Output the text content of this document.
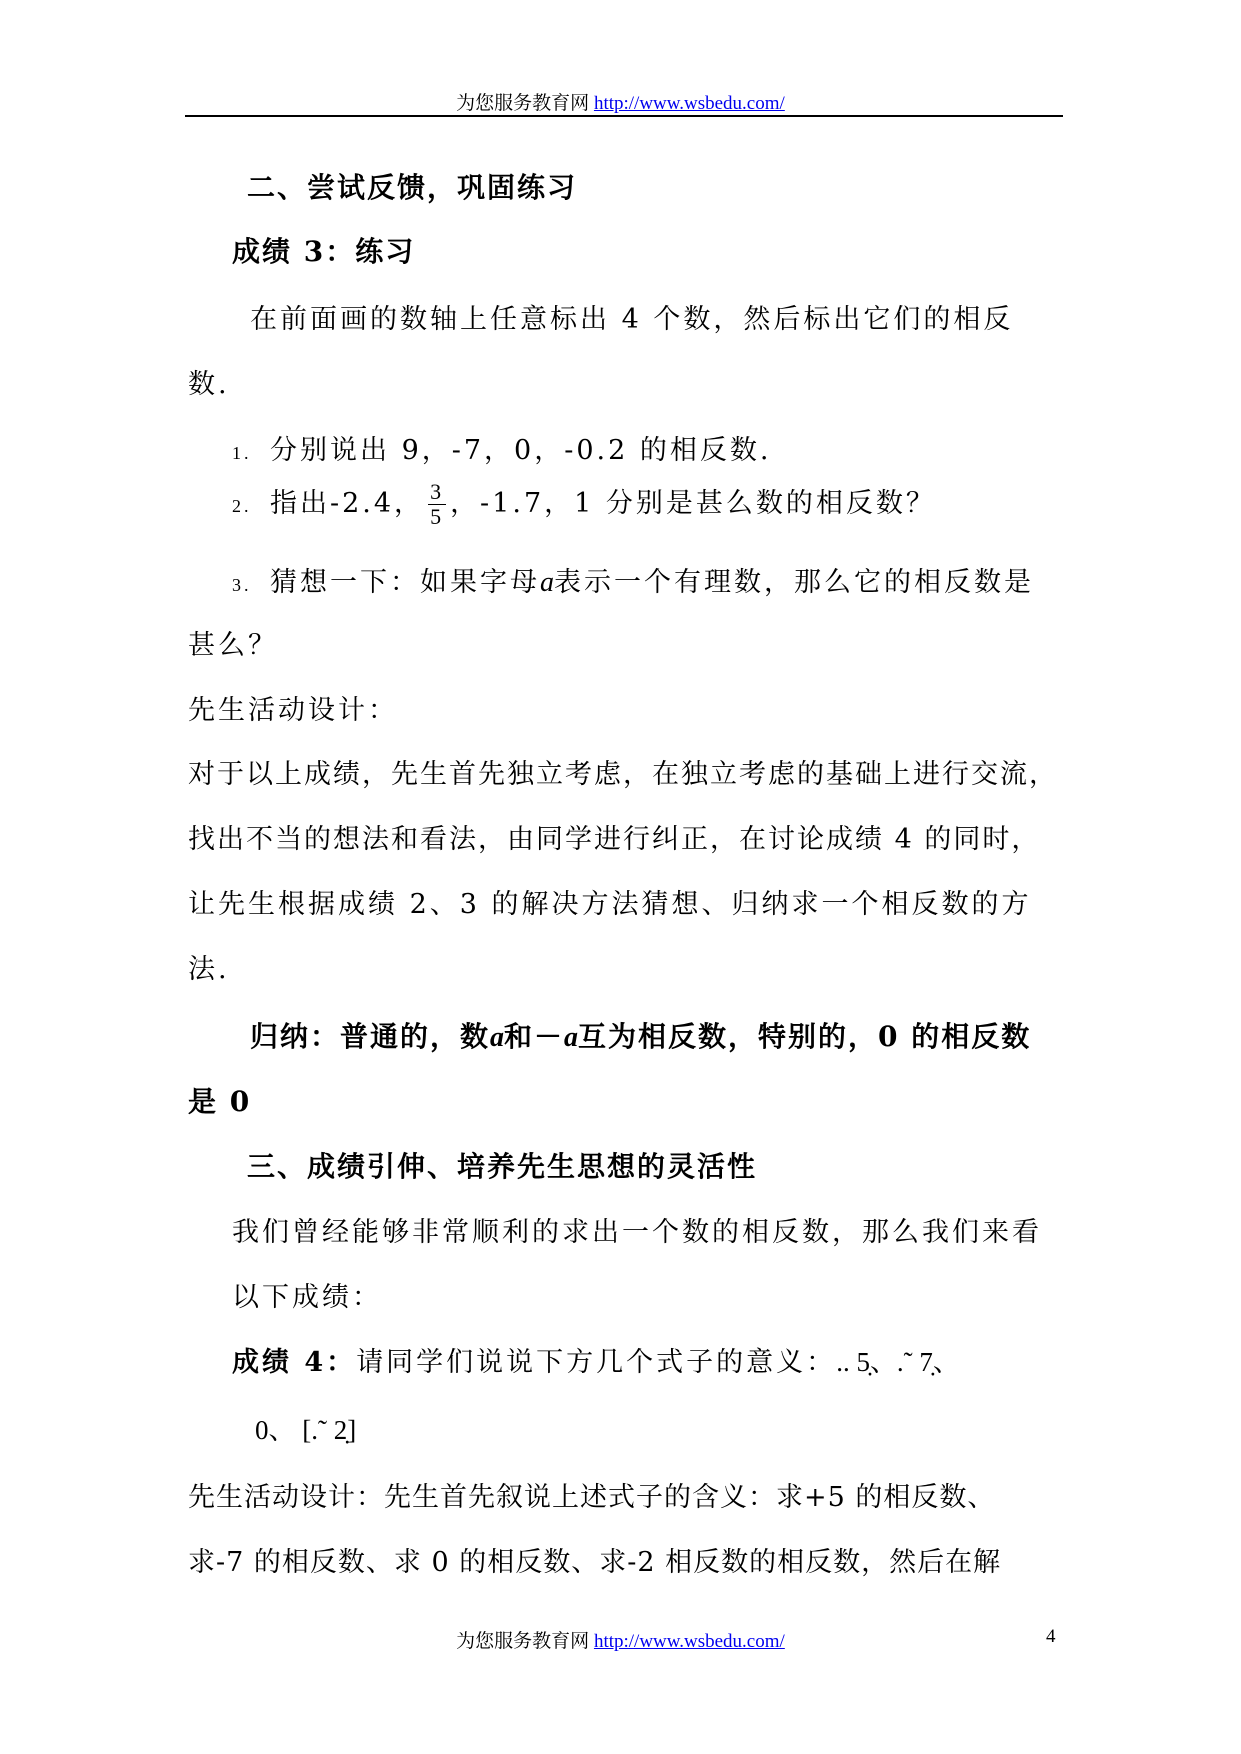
为您服务教育网 http://www.wsbedu.com/
二、尝试反馈，巩固练习
成绩 3：练习
在前面画的数轴上任意标出 4 个数，然后标出它们的相反
数.
1. 分别说出 9，-7，0，-0.2 的相反数.
2. 指出-2.4， $\frac{3}{5}$ ，-1.7，1 分别是甚么数的相反数？
3. 猜想一下：如果字母a表示一个有理数，那么它的相反数是
甚么？
先生活动设计：
对于以上成绩，先生首先独立考虑，在独立考虑的基础上进行交流，
找出不当的想法和看法，由同学进行纠正，在讨论成绩 4 的同时，
让先生根据成绩 2、3 的解决方法猜想、归纳求一个相反数的方
法.
归纳：普通的，数a和－a互为相反数，特别的，0 的相反数
是 0
三、成绩引伸、培养先生思想的灵活性
我们曾经能够非常顺利的求出一个数的相反数，那么我们来看
以下成绩：
成绩 4：请同学们说说下方几个式子的意义：.. 5̣、.˜ 7̣、
0、 [.˜ 2̣]
先生活动设计：先生首先叙说上述式子的含义：求+5 的相反数、
求-7 的相反数、求 0 的相反数、求-2 相反数的相反数，然后在解
为您服务教育网 http://www.wsbedu.com/	4
